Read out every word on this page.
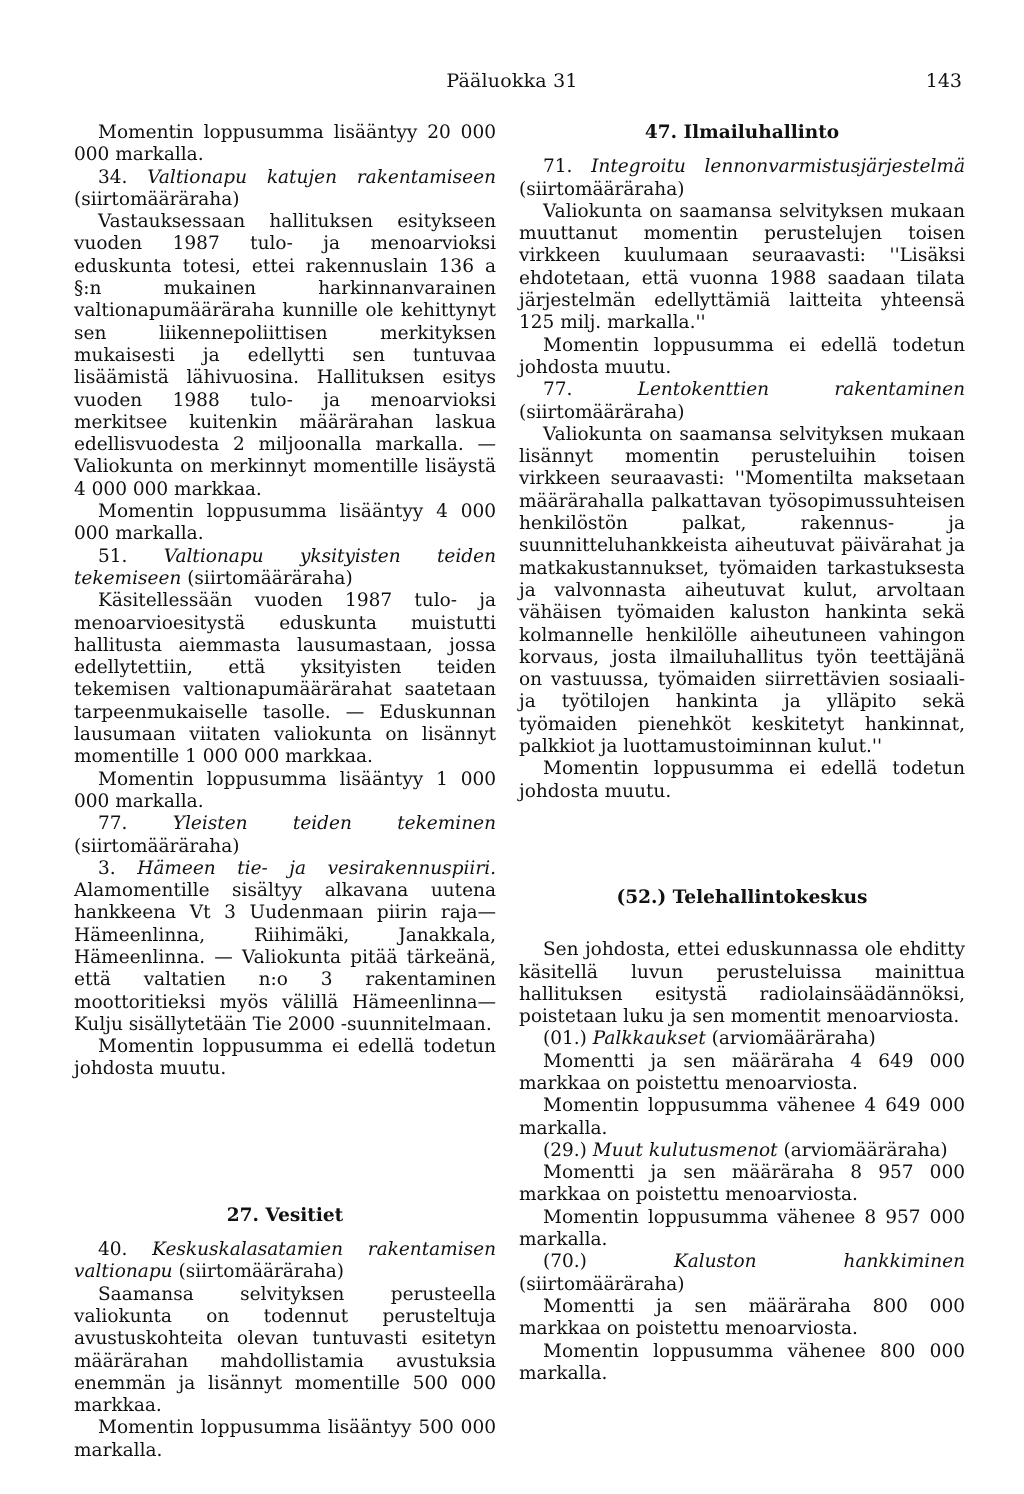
Pääluokka 31	143

Momentin loppusumma lisääntyy 20 000 000 markalla.

34. Valtionapu katujen rakentamiseen (siirtomääräraha)

Vastauksessaan hallituksen esitykseen vuoden 1987 tulo- ja menoarvioksi eduskunta totesi, ettei rakennuslain 136 a §:n mukainen harkinnanvarainen valtionapumääräraha kunnille ole kehittynyt sen liikennepoliittisen merkityksen mukaisesti ja edellytti sen tuntuvaa lisäämistä lähivuosina. Hallituksen esitys vuoden 1988 tulo- ja menoarvioksi merkitsee kuitenkin määrärahan laskua edellisvuodesta 2 miljoonalla markalla. — Valiokunta on merkinnyt momentille lisäystä 4 000 000 markkaa.

Momentin loppusumma lisääntyy 4 000 000 markalla.

51. Valtionapu yksityisten teiden tekemiseen (siirtomääräraha)

Käsitellessään vuoden 1987 tulo- ja menoarvioesitystä eduskunta muistutti hallitusta aiemmasta lausumastaan, jossa edellytettiin, että yksityisten teiden tekemisen valtionapumäärärahat saatetaan tarpeenmukaiselle tasolle. — Eduskunnan lausumaan viitaten valiokunta on lisännyt momentille 1 000 000 markkaa.

Momentin loppusumma lisääntyy 1 000 000 markalla.

77. Yleisten teiden tekeminen (siirtomääräraha)

3. Hämeen tie- ja vesirakennuspiiri. Alamomentille sisältyy alkavana uutena hankkeena Vt 3 Uudenmaan piirin raja—Hämeenlinna, Riihimäki, Janakkala, Hämeenlinna. — Valiokunta pitää tärkeänä, että valtatien n:o 3 rakentaminen moottoritieksi myös välillä Hämeenlinna—Kulju sisällytetään Tie 2000 -suunnitelmaan.

Momentin loppusumma ei edellä todetun johdosta muutu.

27. Vesitiet

40. Keskuskalasatamien rakentamisen valtionapu (siirtomääräraha)

Saamansa selvityksen perusteella valiokunta on todennut perusteltuja avustuskohteita olevan tuntuvasti esitetyn määrärahan mahdollistamia avustuksia enemmän ja lisännyt momentille 500 000 markkaa.

Momentin loppusumma lisääntyy 500 000 markalla.

47. Ilmailuhallinto

71. Integroitu lennonvarmistusjärjestelmä (siirtomääräraha)

Valiokunta on saamansa selvityksen mukaan muuttanut momentin perustelujen toisen virkkeen kuulumaan seuraavasti: ''Lisäksi ehdotetaan, että vuonna 1988 saadaan tilata järjestelmän edellyttämiä laitteita yhteensä 125 milj. markalla.''

Momentin loppusumma ei edellä todetun johdosta muutu.

77.	Lentokenttien rakentaminen (siirtomääräraha)

Valiokunta on saamansa selvityksen mukaan lisännyt momentin perusteluihin toisen virkkeen seuraavasti: ''Momentilta maksetaan määrärahalla palkattavan työsopimussuhteisen henkilöstön palkat, rakennus- ja suunnitteluhankkeista aiheutuvat päivärahat ja matkakustannukset, työmaiden tarkastuksesta ja valvonnasta aiheutuvat kulut, arvoltaan vähäisen työmaiden kaluston hankinta sekä kolmannelle henkilölle aiheutuneen vahingon korvaus, josta ilmailuhallitus työn teettäjänä on vastuussa, työmaiden siirrettävien sosiaali- ja työtilojen hankinta ja ylläpito sekä työmaiden pienehköt keskitetyt hankinnat, palkkiot ja luottamustoiminnan kulut.''

Momentin loppusumma ei edellä todetun johdosta muutu.

(52.) Telehallintokeskus

Sen johdosta, ettei eduskunnassa ole ehditty käsitellä luvun perusteluissa mainittua hallituksen esitystä radiolainsäädännöksi, poistetaan luku ja sen momentit menoarviosta.

(01.) Palkkaukset (arviomääräraha)

Momentti ja sen määräraha 4 649 000 markkaa on poistettu menoarviosta.

Momentin loppusumma vähenee 4 649 000 markalla.

(29.) Muut kulutusmenot (arviomääräraha)

Momentti ja sen määräraha 8 957 000 markkaa on poistettu menoarviosta.

Momentin loppusumma vähenee 8 957 000 markalla.

(70.)	Kaluston hankkiminen (siirtomääräraha)

Momentti ja sen määräraha 800 000 markkaa on poistettu menoarviosta.

Momentin loppusumma vähenee 800 000 markalla.
